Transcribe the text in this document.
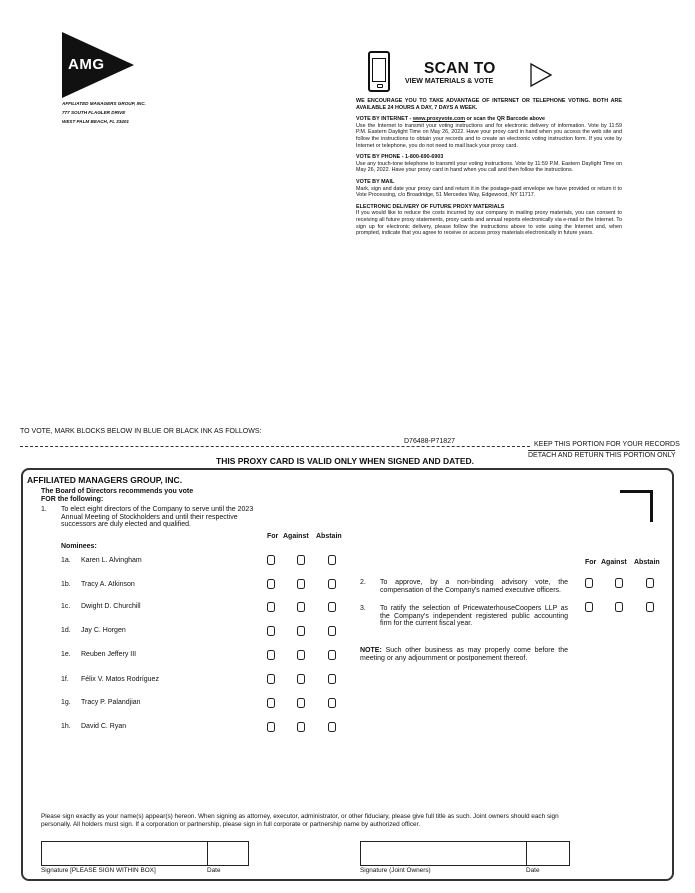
AMG
AFFILIATED MANAGERS GROUP, INC.
777 SOUTH FLAGLER DRIVE
WEST PALM BEACH, FL 33401
SCAN TO
VIEW MATERIALS & VOTE

WE ENCOURAGE YOU TO TAKE ADVANTAGE OF INTERNET OR TELEPHONE VOTING. BOTH ARE AVAILABLE 24 HOURS A DAY, 7 DAYS A WEEK.

VOTE BY INTERNET - www.proxyvote.com or scan the QR Barcode above

Use the Internet to transmit your voting instructions and for electronic delivery of information. Vote by 11:59 P.M. Eastern Daylight Time on May 26, 2022. Have your proxy card in hand when you access the web site and follow the instructions to obtain your records and to create an electronic voting instruction form. If you vote by Internet or telephone, you do not need to mail back your proxy card.

VOTE BY PHONE - 1-800-690-6903

Use any touch-tone telephone to transmit your voting instructions. Vote by 11:59 P.M. Eastern Daylight Time on May 26, 2022. Have your proxy card in hand when you call and then follow the instructions.

VOTE BY MAIL

Mark, sign and date your proxy card and return it in the postage-paid envelope we have provided or return it to Vote Processing, c/o Broadridge, 51 Mercedes Way, Edgewood, NY 11717.

ELECTRONIC DELIVERY OF FUTURE PROXY MATERIALS

If you would like to reduce the costs incurred by our company in mailing proxy materials, you can consent to receiving all future proxy statements, proxy cards and annual reports electronically via e-mail or the Internet. To sign up for electronic delivery, please follow the instructions above to vote using the Internet and, when prompted, indicate that you agree to receive or access proxy materials electronically in future years.

TO VOTE, MARK BLOCKS BELOW IN BLUE OR BLACK INK AS FOLLOWS:
D76488-P71827	KEEP THIS PORTION FOR YOUR RECORDS
DETACH AND RETURN THIS PORTION ONLY
THIS PROXY CARD IS VALID ONLY WHEN SIGNED AND DATED.
AFFILIATED MANAGERS GROUP, INC.
The Board of Directors recommends you vote
FOR the following:
1. To elect eight directors of the Company to serve until the 2023 Annual Meeting of Stockholders and until their respective successors are duly elected and qualified.
For Against Abstain
Nominees:
1a. Karen L. Alvingham
1b. Tracy A. Atkinson
1c. Dwight D. Churchill
1d. Jay C. Horgen
1e. Reuben Jeffery III
1f. Félix V. Matos Rodríguez
1g. Tracy P. Palandjian
1h. David C. Ryan
For Against Abstain
2. To approve, by a non-binding advisory vote, the compensation of the Company's named executive officers.
3. To ratify the selection of PricewaterhouseCoopers LLP as the Company's independent registered public accounting firm for the current fiscal year.
NOTE: Such other business as may properly come before the meeting or any adjournment or postponement thereof.
Please sign exactly as your name(s) appear(s) hereon. When signing as attorney, executor, administrator, or other fiduciary, please give full title as such. Joint owners should each sign personally. All holders must sign. If a corporation or partnership, please sign in full corporate or partnership name by authorized officer.
Signature [PLEASE SIGN WITHIN BOX]	Date	Signature (Joint Owners)	Date
